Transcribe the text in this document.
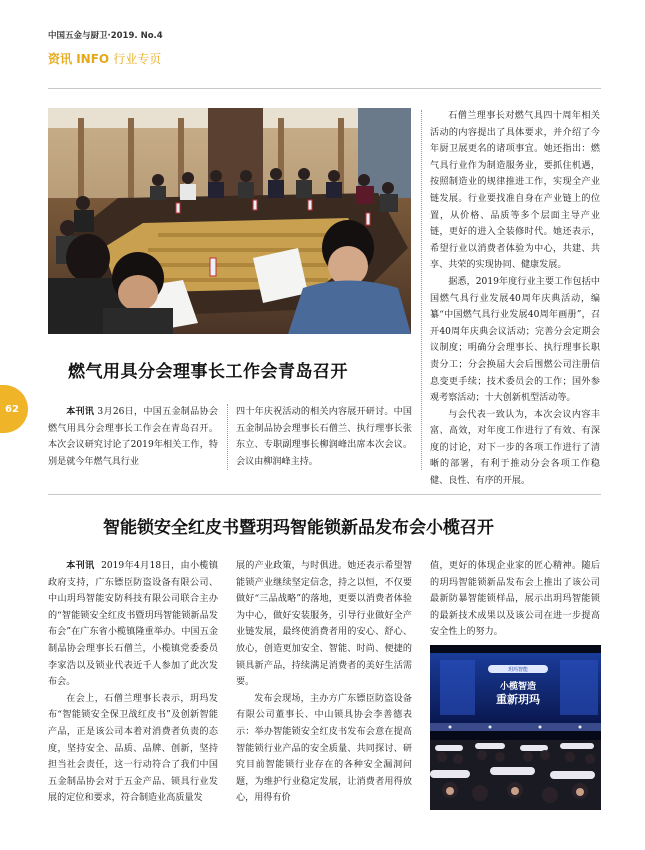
中国五金与厨卫·2019. No.4
资讯 INFO 行业专页
62
燃气用具分会理事长工作会青岛召开

本刊讯 3月26日，中国五金制品协会燃气用具分会理事长工作会在青岛召开。本次会议研究讨论了2019年相关工作，特别是就今年燃气具行业

四十年庆祝活动的相关内容展开研讨。中国五金制品协会理事长石僧兰、执行理事长张东立、专职副理事长柳润峰出席本次会议。会议由柳润峰主持。

石僧兰理事长对燃气具四十周年相关活动的内容提出了具体要求，并介绍了今年厨卫展更名的诸项事宜。她还指出：燃气具行业作为制造服务业，要抓住机遇，按照制造业的规律推进工作，实现全产业链发展。行业要找准自身在产业链上的位置，从价格、品质等多个层面主导产业链，更好的进入全装修时代。她还表示，希望行业以消费者体验为中心，共建、共享、共荣的实现协同、健康发展。

据悉，2019年度行业主要工作包括中国燃气具行业发展40周年庆典活动，编纂“中国燃气具行业发展40周年画册”，召开40周年庆典会议活动；完善分会定期会议制度；明确分会理事长、执行理事长职责分工；分会换届大会后围燃公司注册信息变更手续；技术委员会的工作；国外参观考察活动；十大创新机型活动等。

与会代表一致认为，本次会议内容丰富、高效，对年度工作进行了有效、有深度的讨论，对下一步的各项工作进行了清晰的部署，有利于推动分会各项工作稳健、良性、有序的开展。

智能锁安全红皮书暨玥玛智能锁新品发布会小榄召开

本刊讯 2019年4月18日，由小榄镇政府支持，广东镖臣防盗设备有限公司、中山玥玛智能安防科技有限公司联合主办的“智能锁安全红皮书暨玥玛智能锁新品发布会”在广东省小榄镇隆重举办。中国五金制品协会理事长石僧兰，小榄镇党委委员李家浩以及锁业代表近千人参加了此次发布会。

在会上，石僧兰理事长表示，玥玛发布“智能锁安全保卫战红皮书”及创新智能产品，正是该公司本着对消费者负责的态度，坚持安全、品质、品牌、创新，坚持担当社会责任，这一行动符合了我们中国五金制品协会对于五金产品、锁具行业发展的定位和要求，符合制造业高质量发

展的产业政策，与时俱进。她还表示希望智能锁产业继续坚定信念，持之以恒，不仅要做好“三品战略”的落地，更要以消费者体验为中心，做好安装服务，引导行业做好全产业链发展，最终使消费者用的安心、舒心、放心，创造更加安全、智能、时尚、便捷的锁具新产品，持续满足消费者的美好生活需要。

发布会现场，主办方广东镖臣防盗设备有限公司董事长、中山锁具协会李善德表示：举办智能锁安全红皮书发布会意在提高智能锁行业产品的安全质量、共同探讨、研究目前智能锁行业存在的各种安全漏洞问题，为维护行业稳定发展，让消费者用得放心，用得有价

值，更好的体现企业家的匠心精神。随后的玥玛智能锁新品发布会上推出了该公司最新防暴智能锁样品，展示出玥玛智能锁的最新技术成果以及该公司在进一步提高安全性上的努力。

玥玛智能
小榄智造
重新玥玛
